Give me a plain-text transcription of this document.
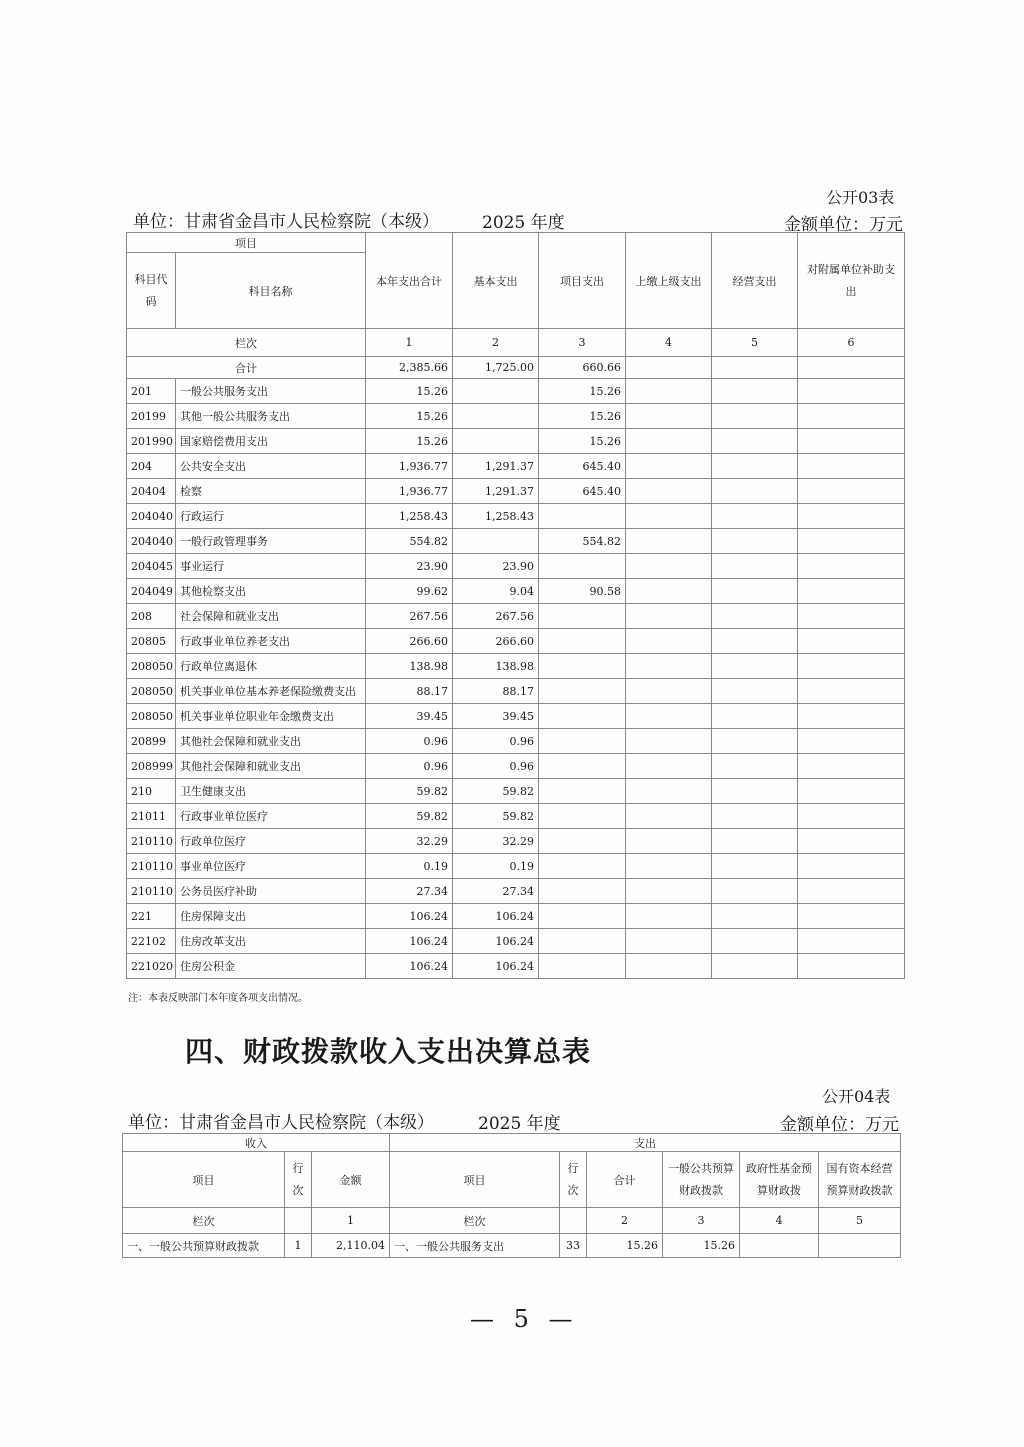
公开03表
单位：甘肃省金昌市人民检察院（本级）	2025 年度	金额单位：万元
项目		本年支出合计	基本支出	项目支出	上缴上级支出	经营支出	对附属单位补助支出
科目代码	科目名称						
栏次		1	2	3	4	5	6
合计		2,385.66	1,725.00	660.66			
201	一般公共服务支出	15.26		15.26			
20199	其他一般公共服务支出	15.26		15.26			
201990	国家赔偿费用支出	15.26		15.26			
204	公共安全支出	1,936.77	1,291.37	645.40			
20404	检察	1,936.77	1,291.37	645.40			
204040	行政运行	1,258.43	1,258.43				
204040	一般行政管理事务	554.82		554.82			
204045	事业运行	23.90	23.90				
204049	其他检察支出	99.62	9.04	90.58			
208	社会保障和就业支出	267.56	267.56				
20805	行政事业单位养老支出	266.60	266.60				
208050	行政单位离退休	138.98	138.98				
208050	机关事业单位基本养老保险缴费支出	88.17	88.17				
208050	机关事业单位职业年金缴费支出	39.45	39.45				
20899	其他社会保障和就业支出	0.96	0.96				
208999	其他社会保障和就业支出	0.96	0.96				
210	卫生健康支出	59.82	59.82				
21011	行政事业单位医疗	59.82	59.82				
210110	行政单位医疗	32.29	32.29				
210110	事业单位医疗	0.19	0.19				
210110	公务员医疗补助	27.34	27.34				
221	住房保障支出	106.24	106.24				
22102	住房改革支出	106.24	106.24				
221020	住房公积金	106.24	106.24				
注：本表反映部门本年度各项支出情况。
四、财政拨款收入支出决算总表
公开04表
单位：甘肃省金昌市人民检察院（本级）	2025 年度	金额单位：万元
收入			支出					
项目	行次	金额	项目	行次	合计	一般公共预算财政拨款	政府性基金预算财政拨	国有资本经营预算财政拨款
栏次		1	栏次		2	3	4	5
一、一般公共预算财政拨款	1	2,110.04	一、一般公共服务支出	33	15.26	15.26		
— 5 —
